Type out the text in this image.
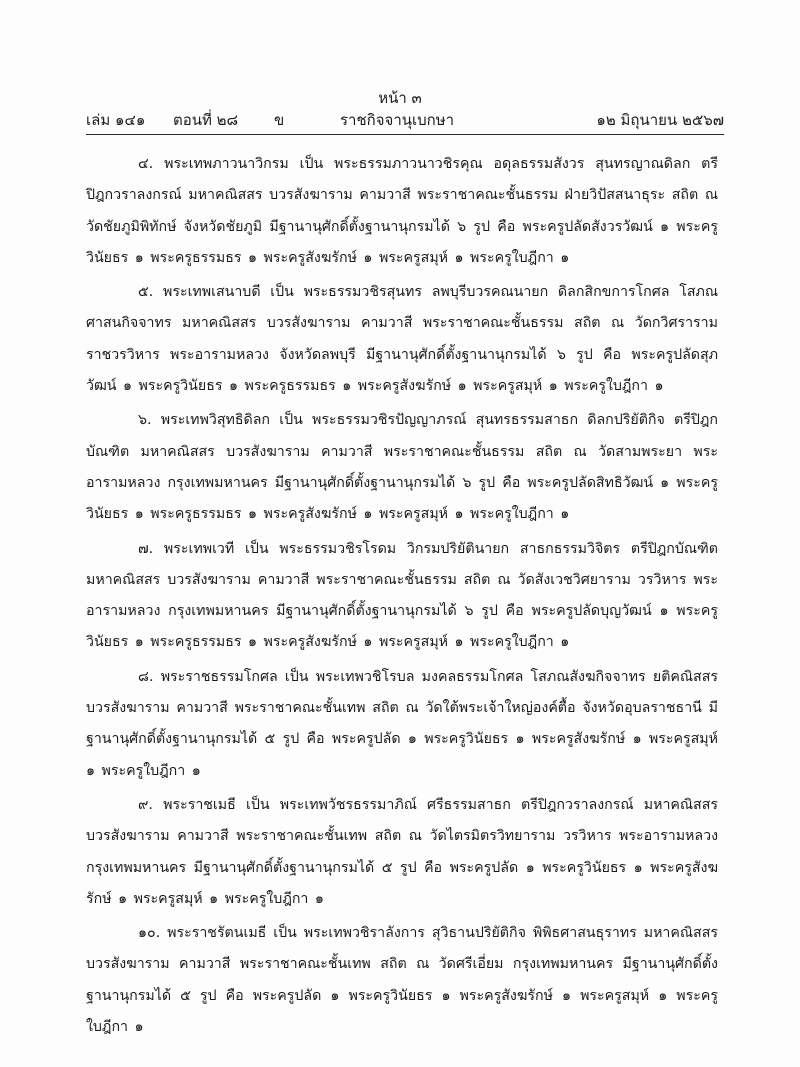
หน้า ๓
เล่ม ๑๔๑ ตอนที่ ๒๘ ข	ราชกิจจานุเบกษา	๑๒ มิถุนายน ๒๕๖๗

๔. พระเทพภาวนาวิกรม เป็น พระธรรมภาวนาวชิรคุณ อดุลธรรมสังวร สุนทรญาณดิลก ตรีปิฎกวราลงกรณ์ มหาคณิสสร บวรสังฆาราม คามวาสี พระราชาคณะชั้นธรรม ฝ่ายวิปัสสนาธุระ สถิต ณ วัดชัยภูมิพิทักษ์ จังหวัดชัยภูมิ มีฐานานุศักดิ์ตั้งฐานานุกรมได้ ๖ รูป คือ พระครูปลัดสังวรวัฒน์ ๑ พระครูวินัยธร ๑ พระครูธรรมธร ๑ พระครูสังฆรักษ์ ๑ พระครูสมุห์ ๑ พระครูใบฎีกา ๑

๕. พระเทพเสนาบดี เป็น พระธรรมวชิรสุนทร ลพบุรีบวรคณนายก ดิลกสิกขการโกศล โสภณศาสนกิจจาทร มหาคณิสสร บวรสังฆาราม คามวาสี พระราชาคณะชั้นธรรม สถิต ณ วัดกวิศราราม ราชวรวิหาร พระอารามหลวง จังหวัดลพบุรี มีฐานานุศักดิ์ตั้งฐานานุกรมได้ ๖ รูป คือ พระครูปลัดสุภวัฒน์ ๑ พระครูวินัยธร ๑ พระครูธรรมธร ๑ พระครูสังฆรักษ์ ๑ พระครูสมุห์ ๑ พระครูใบฎีกา ๑

๖. พระเทพวิสุทธิดิลก เป็น พระธรรมวชิรปัญญาภรณ์ สุนทรธรรมสาธก ดิลกปริยัติกิจ ตรีปิฎกบัณฑิต มหาคณิสสร บวรสังฆาราม คามวาสี พระราชาคณะชั้นธรรม สถิต ณ วัดสามพระยา พระอารามหลวง กรุงเทพมหานคร มีฐานานุศักดิ์ตั้งฐานานุกรมได้ ๖ รูป คือ พระครูปลัดสิทธิวัฒน์ ๑ พระครูวินัยธร ๑ พระครูธรรมธร ๑ พระครูสังฆรักษ์ ๑ พระครูสมุห์ ๑ พระครูใบฎีกา ๑

๗. พระเทพเวที เป็น พระธรรมวชิรโรดม วิกรมปริยัตินายก สาธกธรรมวิจิตร ตรีปิฎกบัณฑิต มหาคณิสสร บวรสังฆาราม คามวาสี พระราชาคณะชั้นธรรม สถิต ณ วัดสังเวชวิศยาราม วรวิหาร พระอารามหลวง กรุงเทพมหานคร มีฐานานุศักดิ์ตั้งฐานานุกรมได้ ๖ รูป คือ พระครูปลัดบุญวัฒน์ ๑ พระครูวินัยธร ๑ พระครูธรรมธร ๑ พระครูสังฆรักษ์ ๑ พระครูสมุห์ ๑ พระครูใบฎีกา ๑

๘. พระราชธรรมโกศล เป็น พระเทพวชิโรบล มงคลธรรมโกศล โสภณสังฆกิจจาทร ยติคณิสสร บวรสังฆาราม คามวาสี พระราชาคณะชั้นเทพ สถิต ณ วัดใต้พระเจ้าใหญ่องค์ตื้อ จังหวัดอุบลราชธานี มีฐานานุศักดิ์ตั้งฐานานุกรมได้ ๕ รูป คือ พระครูปลัด ๑ พระครูวินัยธร ๑ พระครูสังฆรักษ์ ๑ พระครูสมุห์ ๑ พระครูใบฎีกา ๑

๙. พระราชเมธี เป็น พระเทพวัชรธรรมาภิณ์ ศรีธรรมสาธก ตรีปิฎกวราลงกรณ์ มหาคณิสสร บวรสังฆาราม คามวาสี พระราชาคณะชั้นเทพ สถิต ณ วัดไตรมิตรวิทยาราม วรวิหาร พระอารามหลวง กรุงเทพมหานคร มีฐานานุศักดิ์ตั้งฐานานุกรมได้ ๕ รูป คือ พระครูปลัด ๑ พระครูวินัยธร ๑ พระครูสังฆรักษ์ ๑ พระครูสมุห์ ๑ พระครูใบฎีกา ๑

๑๐. พระราชรัตนเมธี เป็น พระเทพวชิราลังการ สุวิธานปริยัติกิจ พิพิธศาสนธุราทร มหาคณิสสร บวรสังฆาราม คามวาสี พระราชาคณะชั้นเทพ สถิต ณ วัดศรีเอี่ยม กรุงเทพมหานคร มีฐานานุศักดิ์ตั้งฐานานุกรมได้ ๕ รูป คือ พระครูปลัด ๑ พระครูวินัยธร ๑ พระครูสังฆรักษ์ ๑ พระครูสมุห์ ๑ พระครูใบฎีกา ๑
